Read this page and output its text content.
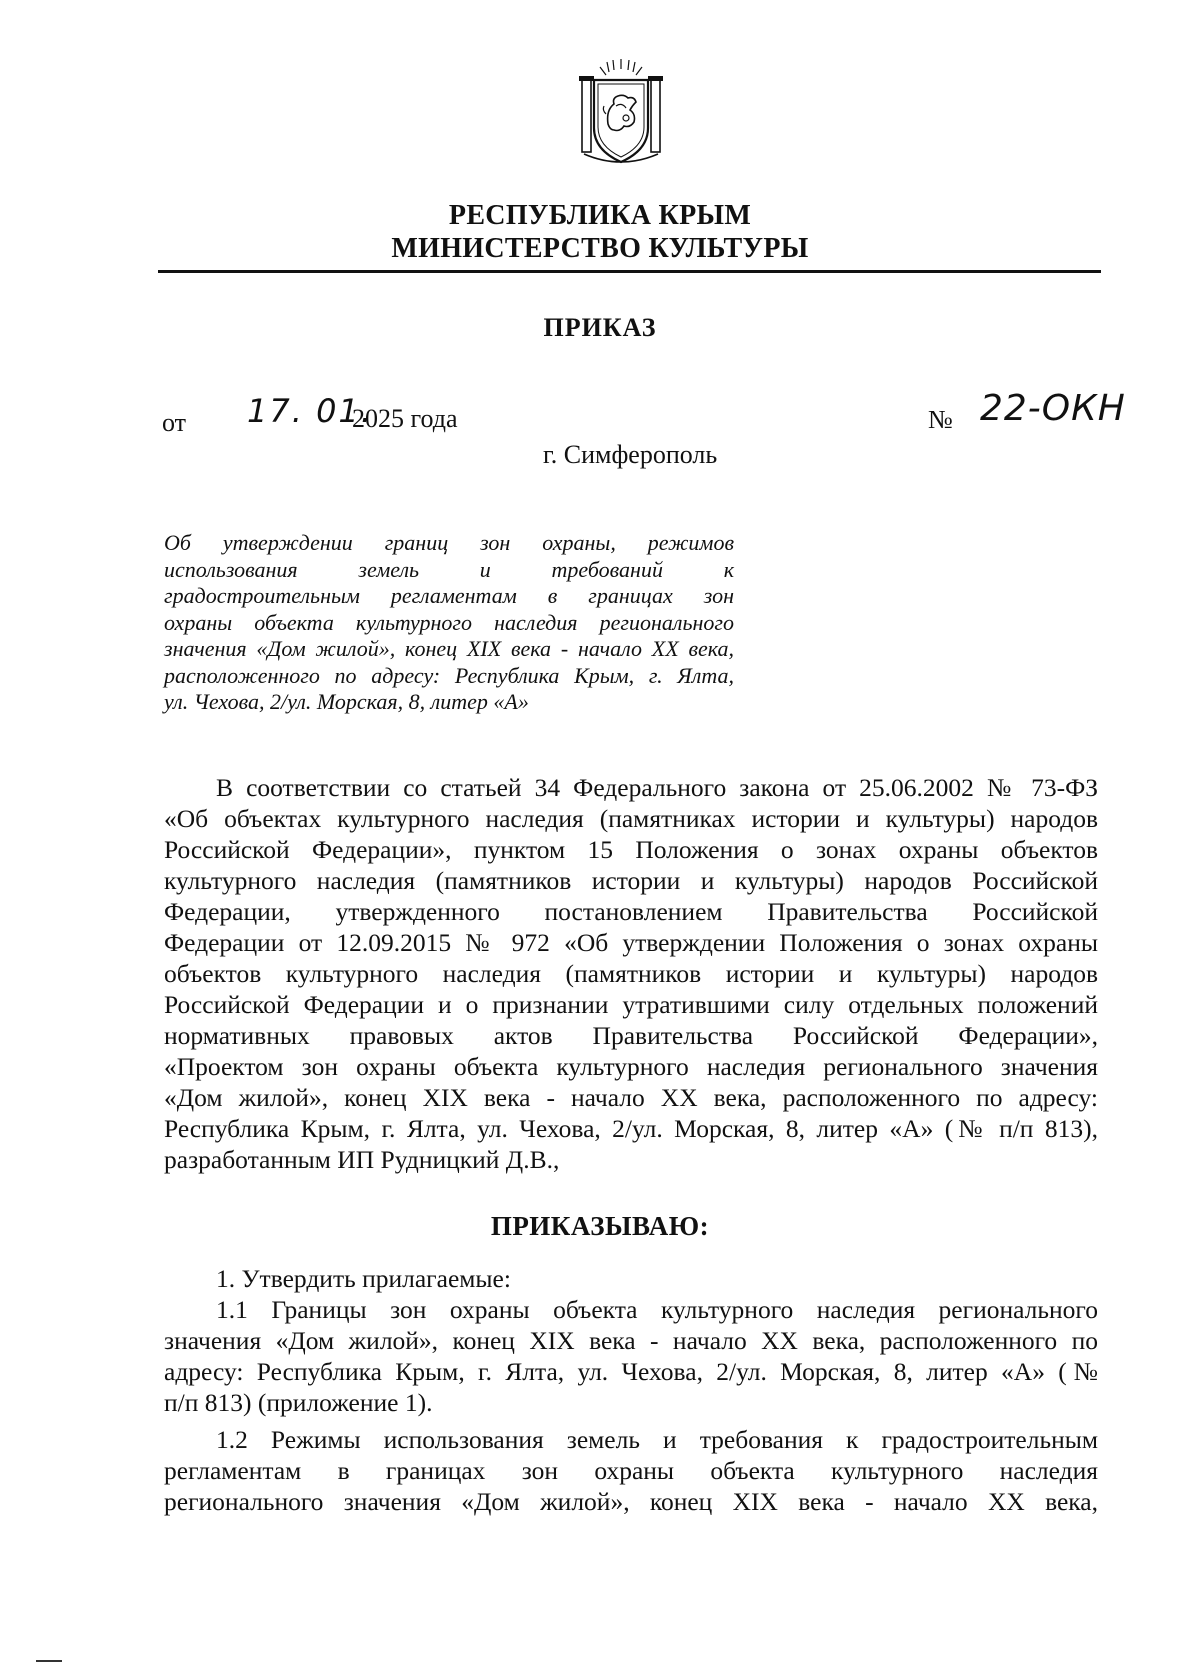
РЕСПУБЛИКА КРЫМ
МИНИСТЕРСТВО КУЛЬТУРЫ
ПРИКАЗ
от 17. 01.
2025 года	№ 22-ОКН
г. Симферополь
Об утверждении границ зон охраны, режимов
использования земель и требований к
градостроительным регламентам в границах зон
охраны объекта культурного наследия регионального
значения «Дом жилой», конец XIX века - начало XX века,
расположенного по адресу: Республика Крым, г. Ялта,
ул. Чехова, 2/ул. Морская, 8, литер «А»
В соответствии со статьей 34 Федерального закона от 25.06.2002 № 73-ФЗ
«Об объектах культурного наследия (памятниках истории и культуры) народов
Российской Федерации», пунктом 15 Положения о зонах охраны объектов
культурного наследия (памятников истории и культуры) народов Российской
Федерации, утвержденного постановлением Правительства Российской
Федерации от 12.09.2015 № 972 «Об утверждении Положения о зонах охраны
объектов культурного наследия (памятников истории и культуры) народов
Российской Федерации и о признании утратившими силу отдельных положений
нормативных правовых актов Правительства Российской Федерации»,
«Проектом зон охраны объекта культурного наследия регионального значения
«Дом жилой», конец XIX века - начало XX века, расположенного по адресу:
Республика Крым, г. Ялта, ул. Чехова, 2/ул. Морская, 8, литер «А» (№ п/п 813),
разработанным ИП Рудницкий Д.В.,
ПРИКАЗЫВАЮ:
1. Утвердить прилагаемые:
1.1 Границы зон охраны объекта культурного наследия регионального
значения «Дом жилой», конец XIX века - начало XX века, расположенного по
адресу: Республика Крым, г. Ялта, ул. Чехова, 2/ул. Морская, 8, литер «А» (№
п/п 813) (приложение 1).
1.2 Режимы использования земель и требования к градостроительным
регламентам в границах зон охраны объекта культурного наследия
регионального значения «Дом жилой», конец XIX века - начало XX века,
